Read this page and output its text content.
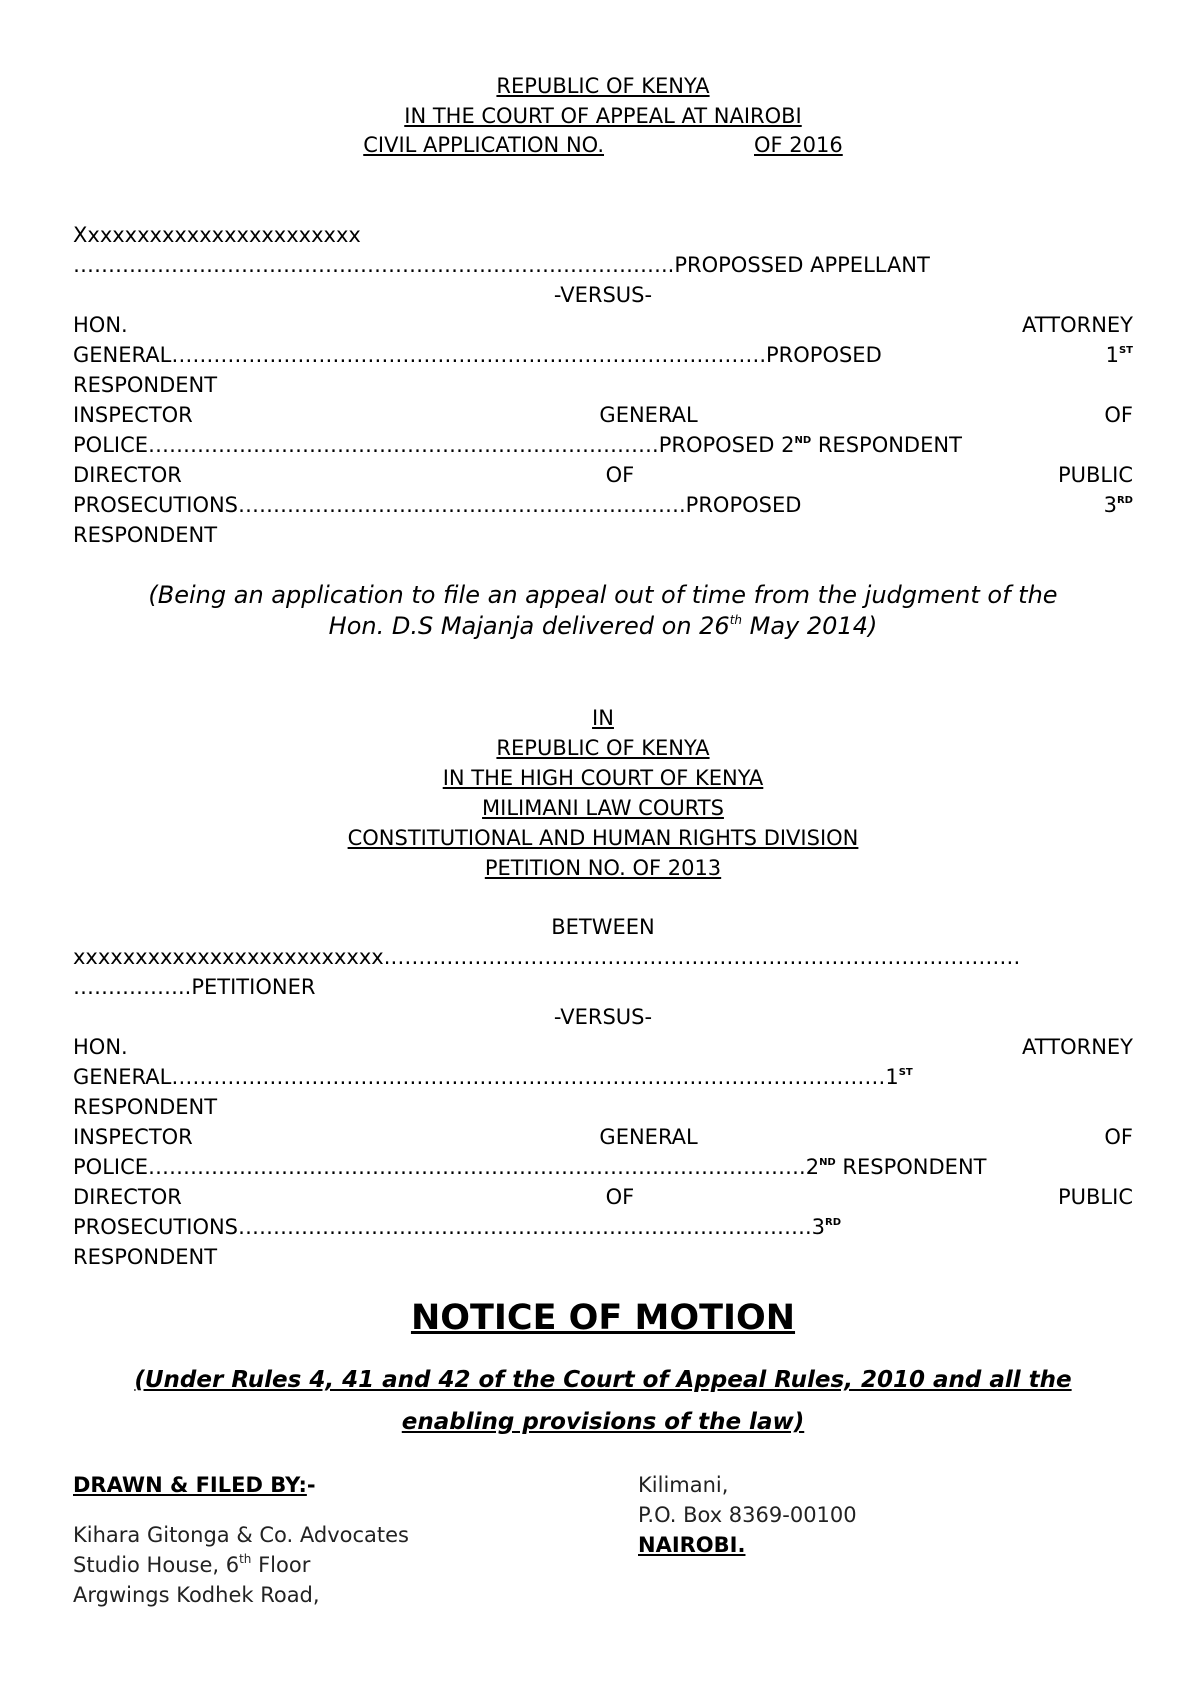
REPUBLIC OF KENYA
IN THE COURT OF APPEAL AT NAIROBI
CIVIL APPLICATION NO.	OF 2016
Xxxxxxxxxxxxxxxxxxxxxxx
…………………………………………………………………………..PROPOSSED APPELLANT
-VERSUS-
HON.	ATTORNEY
GENERAL………………………………………………………………………….PROPOSED	1ST
RESPONDENT
INSPECTOR	GENERAL	OF
POLICE……………………………………………………………….PROPOSED 2ND RESPONDENT
DIRECTOR	OF	PUBLIC
PROSECUTIONS……………………………………………………….PROPOSED	3RD
RESPONDENT
(Being an application to file an appeal out of time from the judgment of the
Hon. D.S Majanja delivered on 26th May 2014)
IN
REPUBLIC OF KENYA
IN THE HIGH COURT OF KENYA
MILIMANI LAW COURTS
CONSTITUTIONAL AND HUMAN RIGHTS DIVISION
PETITION NO. OF 2013
BETWEEN
xxxxxxxxxxxxxxxxxxxxxxxxx.………………………………………………………………………………
……………..PETITIONER
-VERSUS-
HON.	ATTORNEY
GENERAL…………………………………………………………………………………………1ST
RESPONDENT
INSPECTOR	GENERAL	OF
POLICE………………………………………………………………………………….2ND RESPONDENT
DIRECTOR	OF	PUBLIC
PROSECUTIONS……………………………………………………………………….3RD
RESPONDENT
NOTICE OF MOTION
(Under Rules 4, 41 and 42 of the Court of Appeal Rules, 2010 and all the
enabling provisions of the law)
DRAWN & FILED BY:-
Kihara Gitonga & Co. Advocates
Studio House, 6th Floor
Argwings Kodhek Road,
Kilimani,
P.O. Box 8369-00100
NAIROBI.
